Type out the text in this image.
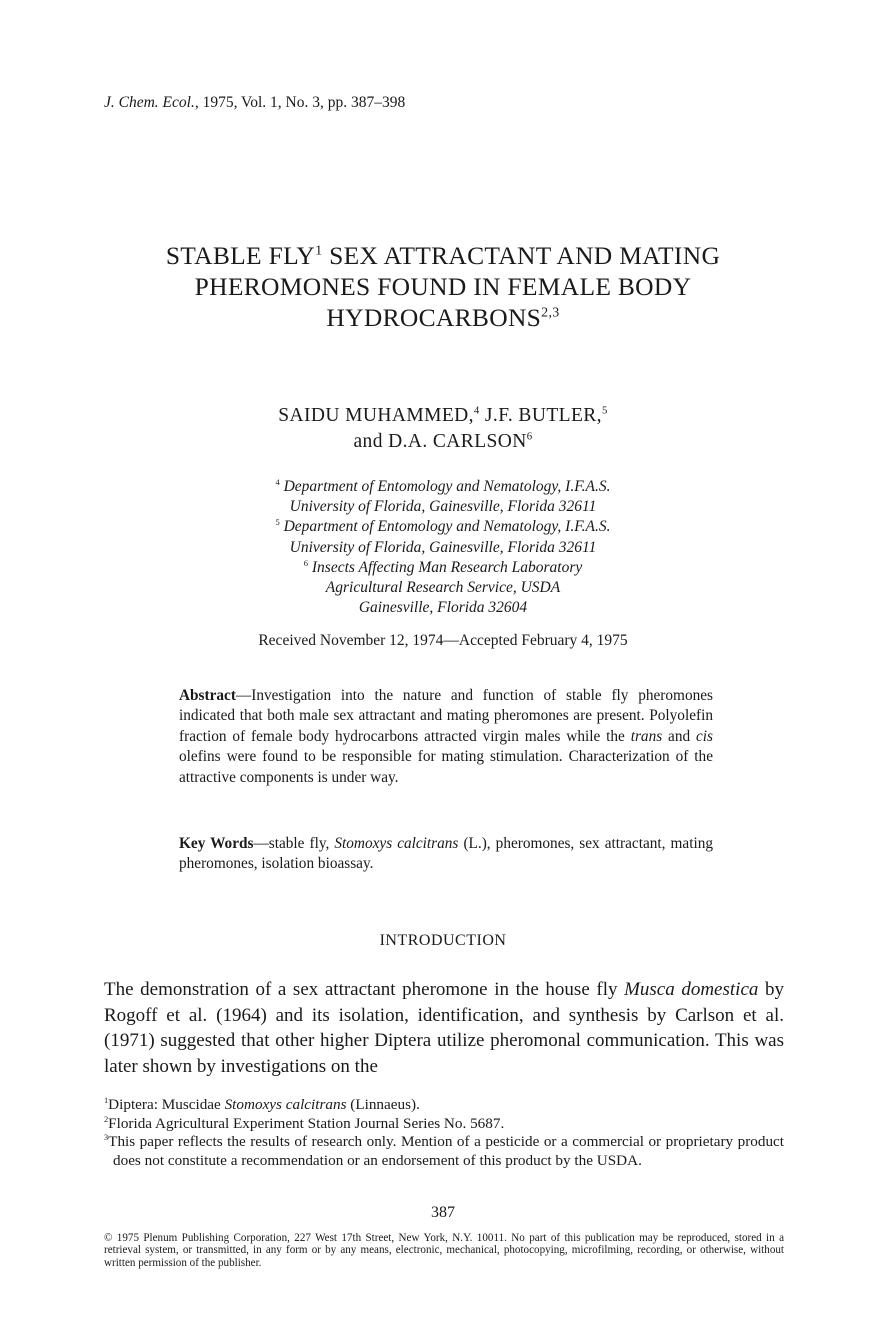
J. Chem. Ecol., 1975, Vol. 1, No. 3, pp. 387–398
STABLE FLY$^1$ SEX ATTRACTANT AND MATING
PHEROMONES FOUND IN FEMALE BODY
HYDROCARBONS$^{2,3}$
SAIDU MUHAMMED,$^4$ J.F. BUTLER,$^5$
and D.A. CARLSON$^6$
$^4$ Department of Entomology and Nematology, I.F.A.S.
University of Florida, Gainesville, Florida 32611
$^5$ Department of Entomology and Nematology, I.F.A.S.
University of Florida, Gainesville, Florida 32611
$^6$ Insects Affecting Man Research Laboratory
Agricultural Research Service, USDA
Gainesville, Florida 32604
Received November 12, 1974—Accepted February 4, 1975
Abstract—Investigation into the nature and function of stable fly pheromones indicated that both male sex attractant and mating pheromones are present. Polyolefin fraction of female body hydrocarbons attracted virgin males while the trans and cis olefins were found to be responsible for mating stimulation. Characterization of the attractive components is under way.
Key Words—stable fly, Stomoxys calcitrans (L.), pheromones, sex attractant, mating pheromones, isolation bioassay.
INTRODUCTION
The demonstration of a sex attractant pheromone in the house fly Musca domestica by Rogoff et al. (1964) and its isolation, identification, and synthesis by Carlson et al. (1971) suggested that other higher Diptera utilize pheromonal communication. This was later shown by investigations on the

$^1$Diptera: Muscidae Stomoxys calcitrans (Linnaeus).

$^2$Florida Agricultural Experiment Station Journal Series No. 5687.

$^3$This paper reflects the results of research only. Mention of a pesticide or a commercial or proprietary product does not constitute a recommendation or an endorsement of this product by the USDA.

387
© 1975 Plenum Publishing Corporation, 227 West 17th Street, New York, N.Y. 10011. No part of this publication may be reproduced, stored in a retrieval system, or transmitted, in any form or by any means, electronic, mechanical, photocopying, microfilming, recording, or otherwise, without written permission of the publisher.
